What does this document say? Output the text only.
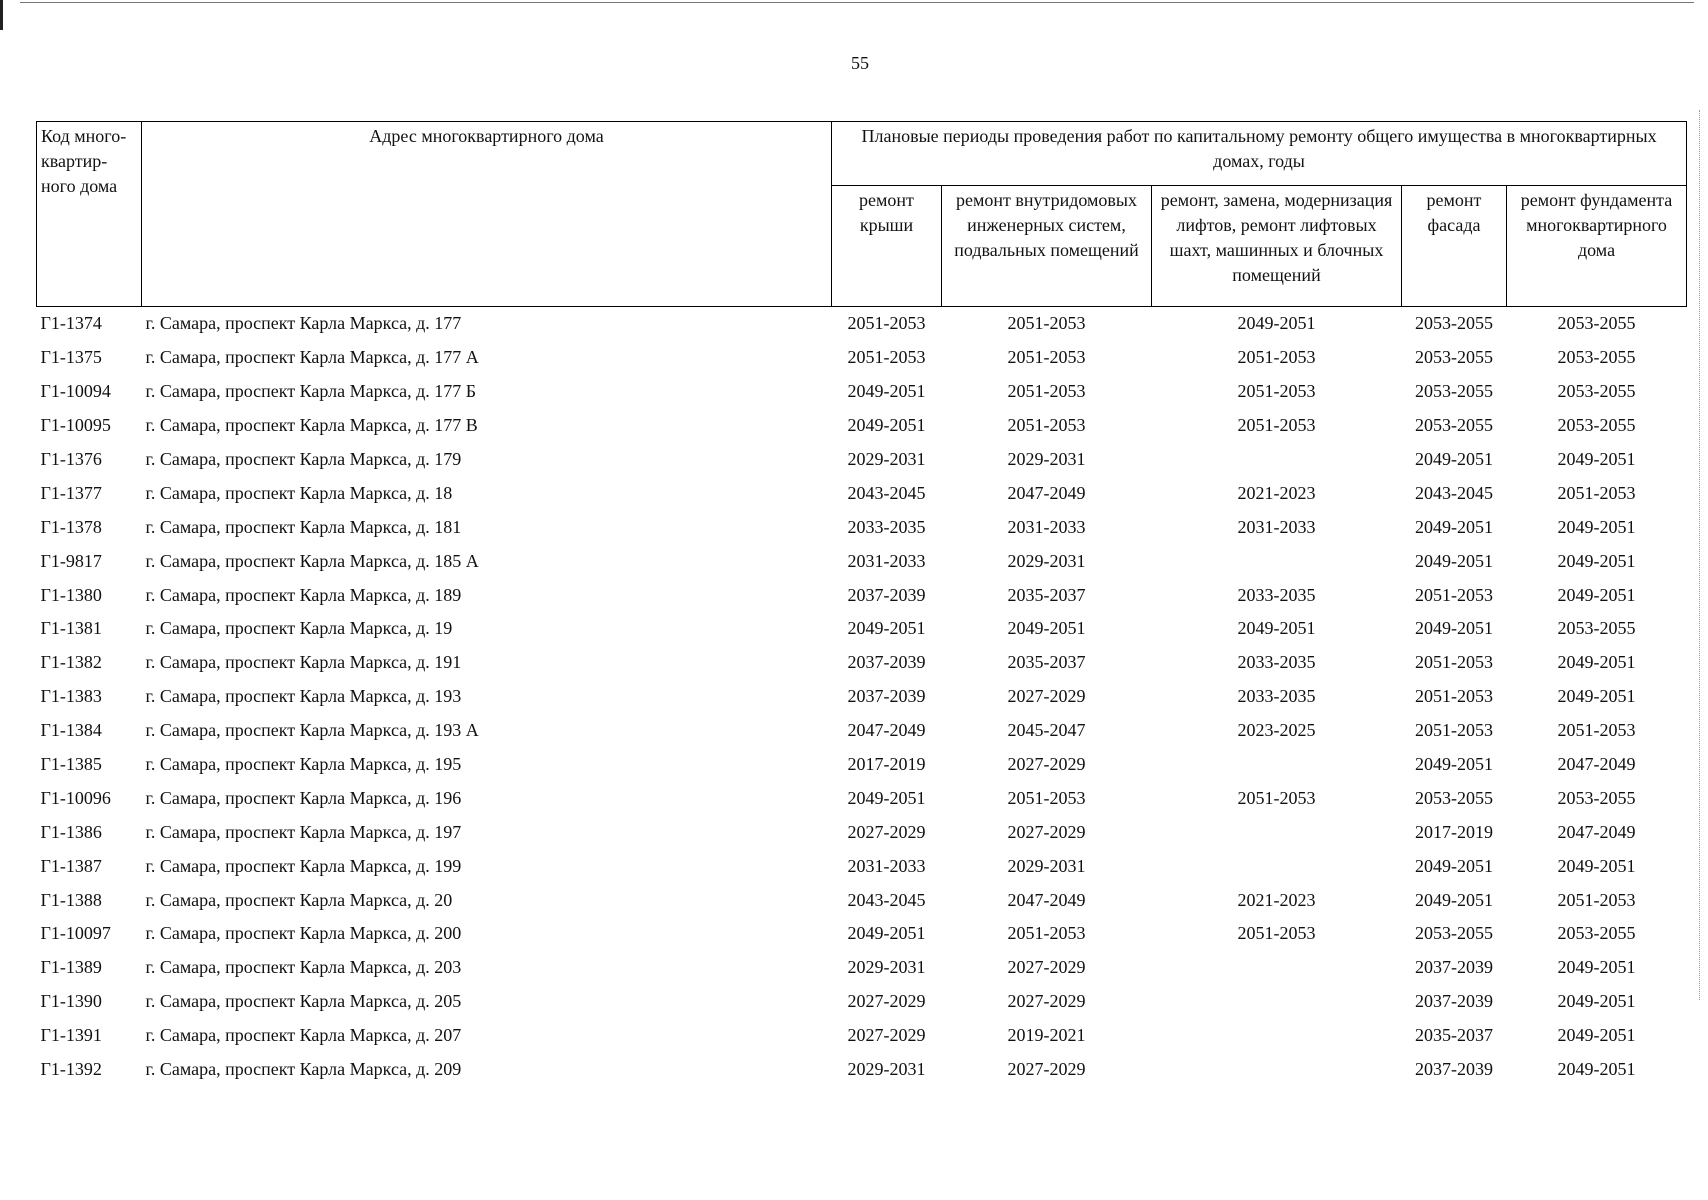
55
Код много-квартир-ного дома	Адрес многоквартирного дома	Плановые периоды проведения работ по капитальному ремонту общего имущества в многоквартирных домах, годы				
		ремонт крыши	ремонт внутридомовых инженерных систем, подвальных помещений	ремонт, замена, модернизация лифтов, ремонт лифтовых шахт, машинных и блочных помещений	ремонт фасада	ремонт фундамента многоквартирного дома
Г1-1374	г. Самара, проспект Карла Маркса, д. 177	2051-2053	2051-2053	2049-2051	2053-2055	2053-2055
Г1-1375	г. Самара, проспект Карла Маркса, д. 177 А	2051-2053	2051-2053	2051-2053	2053-2055	2053-2055
Г1-10094	г. Самара, проспект Карла Маркса, д. 177 Б	2049-2051	2051-2053	2051-2053	2053-2055	2053-2055
Г1-10095	г. Самара, проспект Карла Маркса, д. 177 В	2049-2051	2051-2053	2051-2053	2053-2055	2053-2055
Г1-1376	г. Самара, проспект Карла Маркса, д. 179	2029-2031	2029-2031		2049-2051	2049-2051
Г1-1377	г. Самара, проспект Карла Маркса, д. 18	2043-2045	2047-2049	2021-2023	2043-2045	2051-2053
Г1-1378	г. Самара, проспект Карла Маркса, д. 181	2033-2035	2031-2033	2031-2033	2049-2051	2049-2051
Г1-9817	г. Самара, проспект Карла Маркса, д. 185 А	2031-2033	2029-2031		2049-2051	2049-2051
Г1-1380	г. Самара, проспект Карла Маркса, д. 189	2037-2039	2035-2037	2033-2035	2051-2053	2049-2051
Г1-1381	г. Самара, проспект Карла Маркса, д. 19	2049-2051	2049-2051	2049-2051	2049-2051	2053-2055
Г1-1382	г. Самара, проспект Карла Маркса, д. 191	2037-2039	2035-2037	2033-2035	2051-2053	2049-2051
Г1-1383	г. Самара, проспект Карла Маркса, д. 193	2037-2039	2027-2029	2033-2035	2051-2053	2049-2051
Г1-1384	г. Самара, проспект Карла Маркса, д. 193 А	2047-2049	2045-2047	2023-2025	2051-2053	2051-2053
Г1-1385	г. Самара, проспект Карла Маркса, д. 195	2017-2019	2027-2029		2049-2051	2047-2049
Г1-10096	г. Самара, проспект Карла Маркса, д. 196	2049-2051	2051-2053	2051-2053	2053-2055	2053-2055
Г1-1386	г. Самара, проспект Карла Маркса, д. 197	2027-2029	2027-2029		2017-2019	2047-2049
Г1-1387	г. Самара, проспект Карла Маркса, д. 199	2031-2033	2029-2031		2049-2051	2049-2051
Г1-1388	г. Самара, проспект Карла Маркса, д. 20	2043-2045	2047-2049	2021-2023	2049-2051	2051-2053
Г1-10097	г. Самара, проспект Карла Маркса, д. 200	2049-2051	2051-2053	2051-2053	2053-2055	2053-2055
Г1-1389	г. Самара, проспект Карла Маркса, д. 203	2029-2031	2027-2029		2037-2039	2049-2051
Г1-1390	г. Самара, проспект Карла Маркса, д. 205	2027-2029	2027-2029		2037-2039	2049-2051
Г1-1391	г. Самара, проспект Карла Маркса, д. 207	2027-2029	2019-2021		2035-2037	2049-2051
Г1-1392	г. Самара, проспект Карла Маркса, д. 209	2029-2031	2027-2029		2037-2039	2049-2051
